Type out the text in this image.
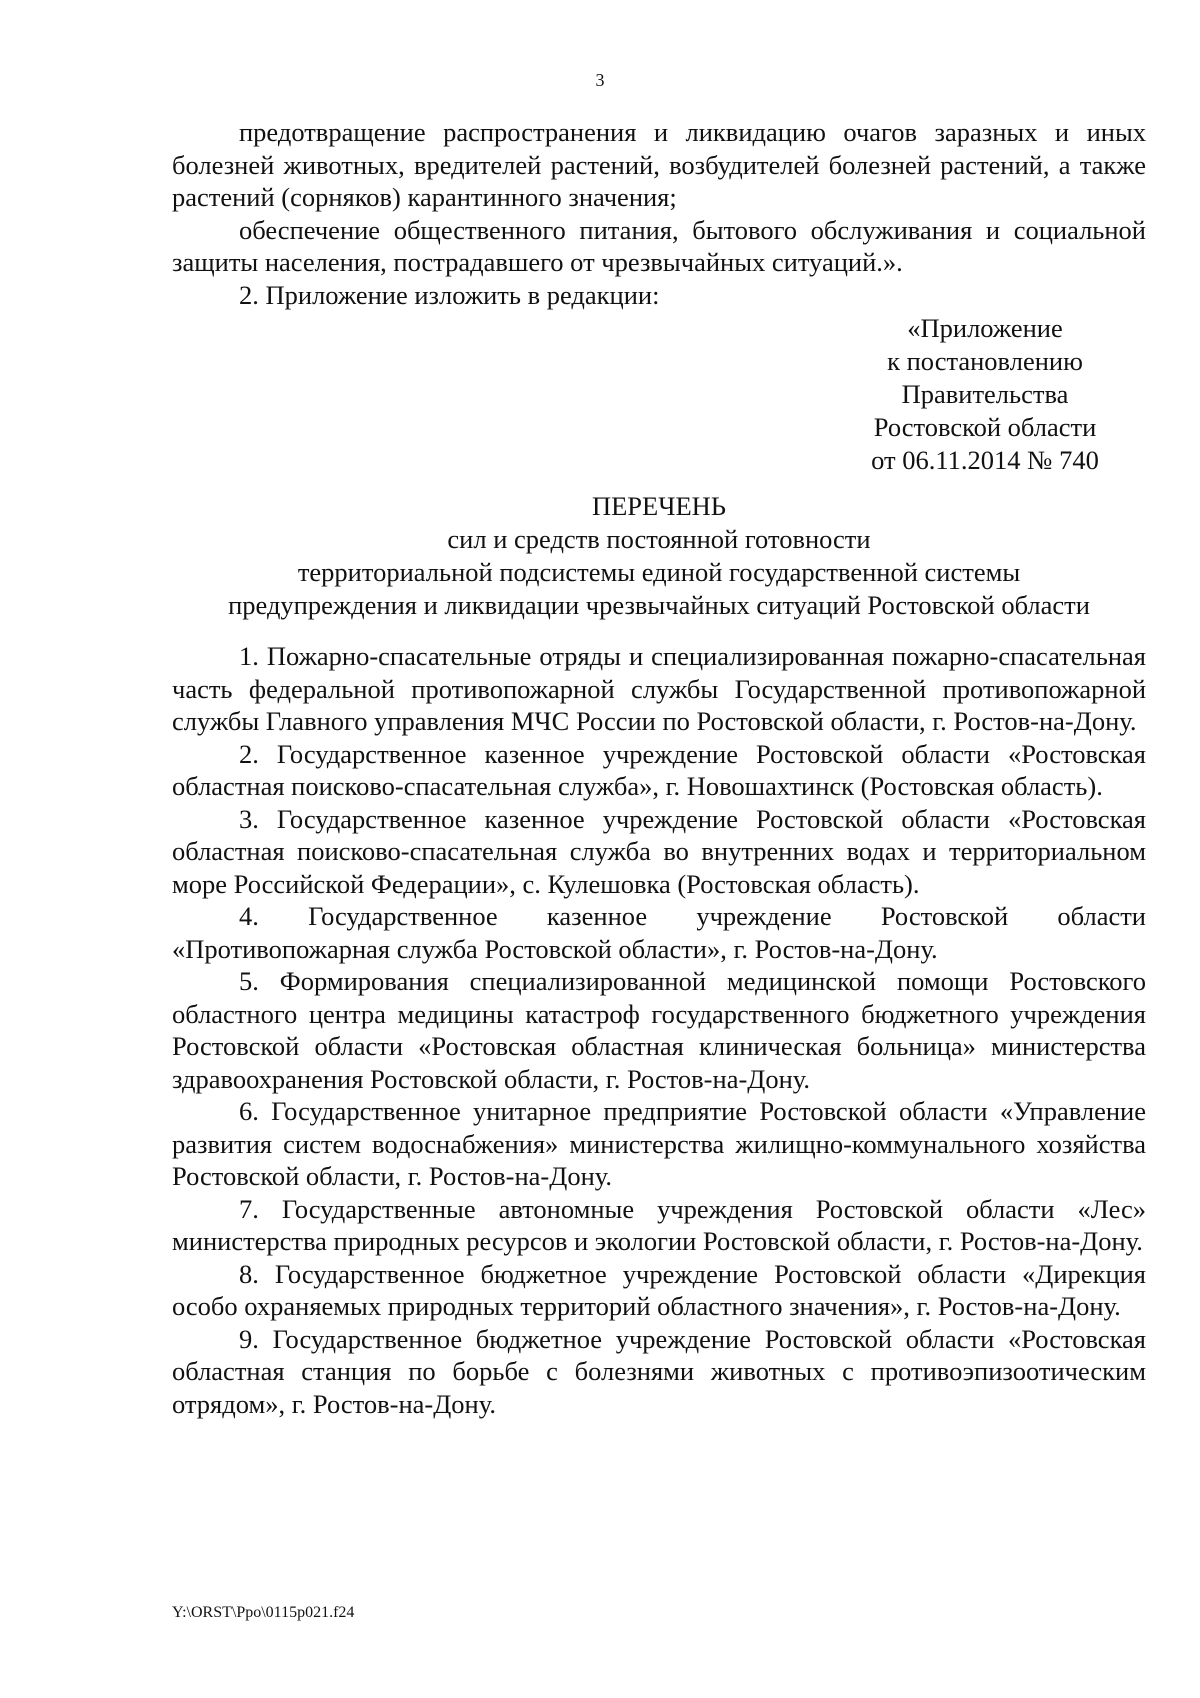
3

предотвращение распространения и ликвидацию очагов заразных и иных болезней животных, вредителей растений, возбудителей болезней растений, а также растений (сорняков) карантинного значения;

обеспечение общественного питания, бытового обслуживания и социальной защиты населения, пострадавшего от чрезвычайных ситуаций.».

2. Приложение изложить в редакции:

«Приложение
к постановлению
Правительства
Ростовской области
от 06.11.2014 № 740
ПЕРЕЧЕНЬ
сил и средств постоянной готовности
территориальной подсистемы единой государственной системы
предупреждения и ликвидации чрезвычайных ситуаций Ростовской области

1. Пожарно-спасательные отряды и специализированная пожарно-спасательная часть федеральной противопожарной службы Государственной противопожарной службы Главного управления МЧС России по Ростовской области, г. Ростов-на-Дону.

2. Государственное казенное учреждение Ростовской области «Ростовская областная поисково-спасательная служба», г. Новошахтинск (Ростовская область).

3. Государственное казенное учреждение Ростовской области «Ростовская областная поисково-спасательная служба во внутренних водах и территориальном море Российской Федерации», с. Кулешовка (Ростовская область).

4. Государственное казенное учреждение Ростовской области «Противопожарная служба Ростовской области», г. Ростов-на-Дону.

5. Формирования специализированной медицинской помощи Ростовского областного центра медицины катастроф государственного бюджетного учреждения Ростовской области «Ростовская областная клиническая больница» министерства здравоохранения Ростовской области, г. Ростов-на-Дону.

6. Государственное унитарное предприятие Ростовской области «Управление развития систем водоснабжения» министерства жилищно-коммунального хозяйства Ростовской области, г. Ростов-на-Дону.

7. Государственные автономные учреждения Ростовской области «Лес» министерства природных ресурсов и экологии Ростовской области, г. Ростов-на-Дону.

8. Государственное бюджетное учреждение Ростовской области «Дирекция особо охраняемых природных территорий областного значения», г. Ростов-на-Дону.

9. Государственное бюджетное учреждение Ростовской области «Ростовская областная станция по борьбе с болезнями животных с противоэпизоотическим отрядом», г. Ростов-на-Дону.

Y:\ORST\Ppo\0115p021.f24
